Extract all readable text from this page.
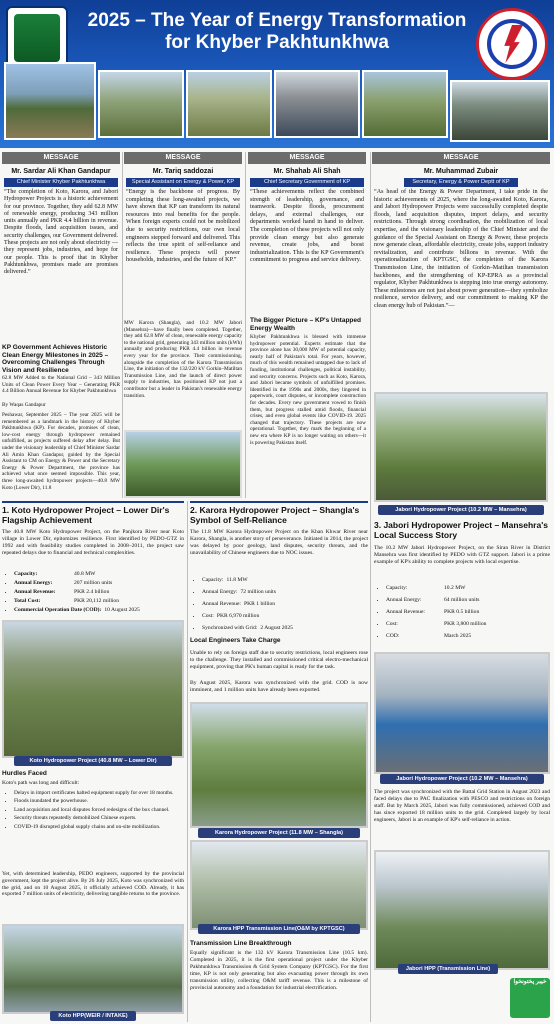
2025 – The Year of Energy Transformation
for Khyber Pakhtunkhwa
MESSAGE	MESSAGE	MESSAGE	MESSAGE
Mr. Sardar Ali Khan Gandapur
Chief Minister Khyber Pakhtunkhwa
“The completion of Koto, Karora, and Jabori Hydropower Projects is a historic achievement for our province. Together, they add 62.8 MW of renewable energy, producing 343 million units annually and PKR 4.4 billion in revenue. Despite floods, land acquisition issues, and security challenges, our Government delivered. These projects are not only about electricity — they represent jobs, industries, and hope for our people. This is proof that in Khyber Pakhtunkhwa, promises made are promises delivered.”
Mr. Tariq saddozai
Special Assistant on Energy & Power, KP
“Energy is the backbone of progress. By completing these long-awaited projects, we have shown that KP can transform its natural resources into real benefits for the people. When foreign experts could not be mobilized due to security restrictions, our own local engineers stepped forward and delivered. This reflects the true spirit of self-reliance and resilience. These projects will power households, industries, and the future of KP.”
Mr. Shahab Ali Shah
Chief Secretary Government of KP
“These achievements reflect the combined strength of leadership, governance, and teamwork. Despite floods, procurement delays, and external challenges, our departments worked hand in hand to deliver. The completion of these projects will not only provide clean energy but also generate revenue, create jobs, and boost industrialization. This is the KP Government's commitment to progress and service delivery.
Mr. Muhammad Zubair
Secretary, Energy & Power Deptt of KP
“As head of the Energy & Power Department, I take pride in the historic achievements of 2025, where the long-awaited Koto, Karora, and Jabori Hydropower Projects were successfully completed despite floods, land acquisition disputes, import delays, and security restrictions. Through strong coordination, the mobilization of local expertise, and the visionary leadership of the Chief Minister and the guidance of the Special Assistant on Energy & Power, these projects now generate clean, affordable electricity, create jobs, support industry revitalization, and contribute billions in revenue. With the operationalization of KPTGSC, the completion of the Karora Transmission Line, the initiation of Gorkin–Matiltan transmission backbones, and the strengthening of KP-EPRA as a provincial regulator, Khyber Pakhtunkhwa is stepping into true energy autonomy. These milestones are not just about power generation—they symbolize resilience, service delivery, and our commitment to making KP the clean energy hub of Pakistan.”—
KP Government Achieves Historic Clean Energy Milestones in 2025 – Overcoming Challenges Through Vision and Resilience
62.8 MW Added to the National Grid – 343 Million Units of Clean Power Every Year – Generating PKR 4.4 Billion Annual Revenue for Khyber Pakhtunkhwa
By Waqas Gandapur
Peshawar, September 2025 – The year 2025 will be remembered as a landmark in the history of Khyber Pakhtunkhwa (KP). For decades, promises of clean, low-cost energy through hydropower remained unfulfilled, as projects suffered delay after delay. But under the visionary leadership of Chief Minister Sardar Ali Amin Khan Gandapur, guided by the Special Assistant to CM on Energy & Power and the Secretary Energy & Power Department, the province has achieved what once seemed impossible. This year, three long-awaited hydropower projects—40.8 MW Koto (Lower Dir), 11.8
MW Karora (Shangla), and 10.2 MW Jabori (Mansehra)—have finally been completed. Together, they add 62.8 MW of clean, renewable energy capacity to the national grid, generating 343 million units (kWh) annually and producing PKR 4.4 billion in revenue every year for the province. Their commissioning, alongside the completion of the Karora Transmission Line, the initiation of the 132/220 kV Gorkin–Matiltan Transmission Line, and the launch of direct power supply to industries, has positioned KP not just a contributor but a leader in Pakistan's renewable energy transition.
The Bigger Picture – KP's Untapped Energy Wealth
Khyber Pakhtunkhwa is blessed with immense hydropower potential. Experts estimate that the province alone has 30,000 MW of potential capacity, nearly half of Pakistan's total. For years, however, much of this wealth remained untapped due to lack of funding, institutional challenges, political instability, and security concerns. Projects such as Koto, Karora, and Jabori became symbols of unfulfilled promises. Identified in the 1990s and 2000s, they lingered in paperwork, court disputes, or incomplete construction for decades. Every new government vowed to finish them, but progress stalled amid floods, financial crises, and even global events like COVID-19. 2025 changed that trajectory. These projects are now operational. Together, they mark the beginning of a new era where KP is no longer waiting on others—it is powering Pakistan itself.
Jabori Hydropower Project (10.2 MW – Mansehra)
1. Koto Hydropower Project – Lower Dir's Flagship Achievement
The 40.8 MW Koto Hydropower Project, on the Panjkora River near Koto village in Lower Dir, epitomizes resilience. First identified by PEDO-GTZ in 1992 and with feasibility studies completed in 2008–2011, the project saw repeated delays due to financial and technical complexities.
• Capacity:	40.8 MW
• Annual Energy:	207 million units
• Annual Revenue:	PKR 2.4 billion
• Total Cost:	PKR 20,112 million
• Commercial Operation Date (COD): 10 August 2025
Koto Hydropower Project (40.8 MW – Lower Dir)
Hurdles Faced
Koto's path was long and difficult:
• Delays in import certificates halted equipment supply for over 18 months.
• Floods inundated the powerhouse.
• Land acquisition and local disputes forced redesigns of the box channel.
• Security threats repeatedly demobilized Chinese experts.
• COVID-19 disrupted global supply chains and on-site mobilization.
Yet, with determined leadership, PEDO engineers, supported by the provincial government, kept the project alive. By 26 July 2025, Koto was synchronized with the grid, and on 10 August 2025, it officially achieved COD. Already, it has exported 7 million units of electricity, delivering tangible returns to the province.
Koto HPP(WEIR / INTAKE)
2. Karora Hydropower Project – Shangla's Symbol of Self-Reliance
The 11.8 MW Karora Hydropower Project on the Khan Khwar River near Karora, Shangla, is another story of perseverance. Initiated in 2014, the project was delayed by poor geology, land disputes, security threats, and the unavailability of Chinese engineers due to NOC issues.
• Capacity: 11.8 MW
• Annual Energy: 72 million units
• Annual Revenue: PKR 1 billion
• Cost: PKR 6,970 million
• Synchronized with Grid: 2 August 2025
Local Engineers Take Charge
Unable to rely on foreign staff due to security restrictions, local engineers rose to the challenge. They installed and commissioned critical electro-mechanical equipment, proving that PK's human capital is ready for the task.
By August 2025, Karora was synchronized with the grid. COD is now imminent, and 1 million units have already been exported.
Karora Hydropower Project (11.8 MW – Shangla)
Karora HPP Transmission Line(O&M by KPTGSC)
Transmission Line Breakthrough
Equally significant is the 132 kV Karora Transmission Line (10.5 km). Completed in 2025, it is the first operational project under the Khyber Pakhtunkhwa Transmission & Grid System Company (KPTGSC). For the first time, KP is not only generating but also evacuating power through its own transmission utility, collecting O&M tariff revenue. This is a milestone of provincial autonomy and a foundation for industrial electrification.
3. Jabori Hydropower Project – Mansehra's Local Success Story
The 10.2 MW Jabori Hydropower Project, on the Siran River in District Mansehra was first identified by PEDO with GTZ support. Jabori is a prime example of KP's ability to complete projects with local expertise.
• Capacity:	10.2 MW
• Annual Energy:	64 million units
• Annual Revenue:	PKR 0.5 billion
• Cost:	PKR 3,800 million
• COD:	March 2025
Jabori Hydropower Project (10.2 MW – Mansehra)
The project was synchronized with the Battal Grid Station in August 2023 and faced delays due to PAC finalization with PESCO and restrictions on foreign staff. But by March 2025, Jabori was fully commissioned, achieved COD and has since exported 18 million units to the grid. Completed largely by local engineers, Jabori is an example of KP's self-reliance in action.
Jabori HPP (Transmission Line)
خیبر پختونخوا
